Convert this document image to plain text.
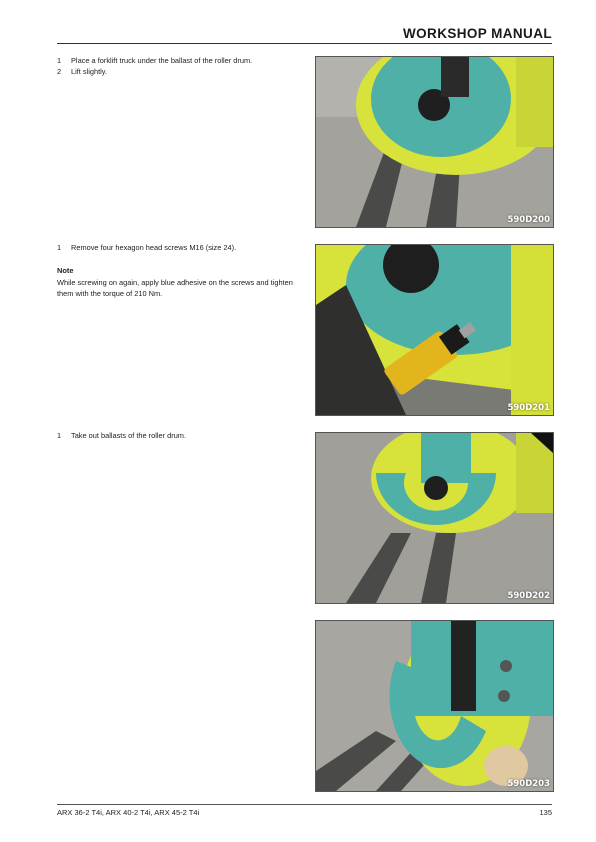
WORKSHOP MANUAL
1	Place a forklift truck under the ballast of the roller drum.
2	Lift slightly.
590D200
1	Remove four hexagon head screws M16 (size 24).
Note
While screwing on again, apply blue adhesive on the screws and tighten them with the torque of 210 Nm.
590D201
1	Take out ballasts of the roller drum.
590D202
590D203
ARX 36-2 T4i, ARX 40-2 T4i, ARX 45-2 T4i	135
